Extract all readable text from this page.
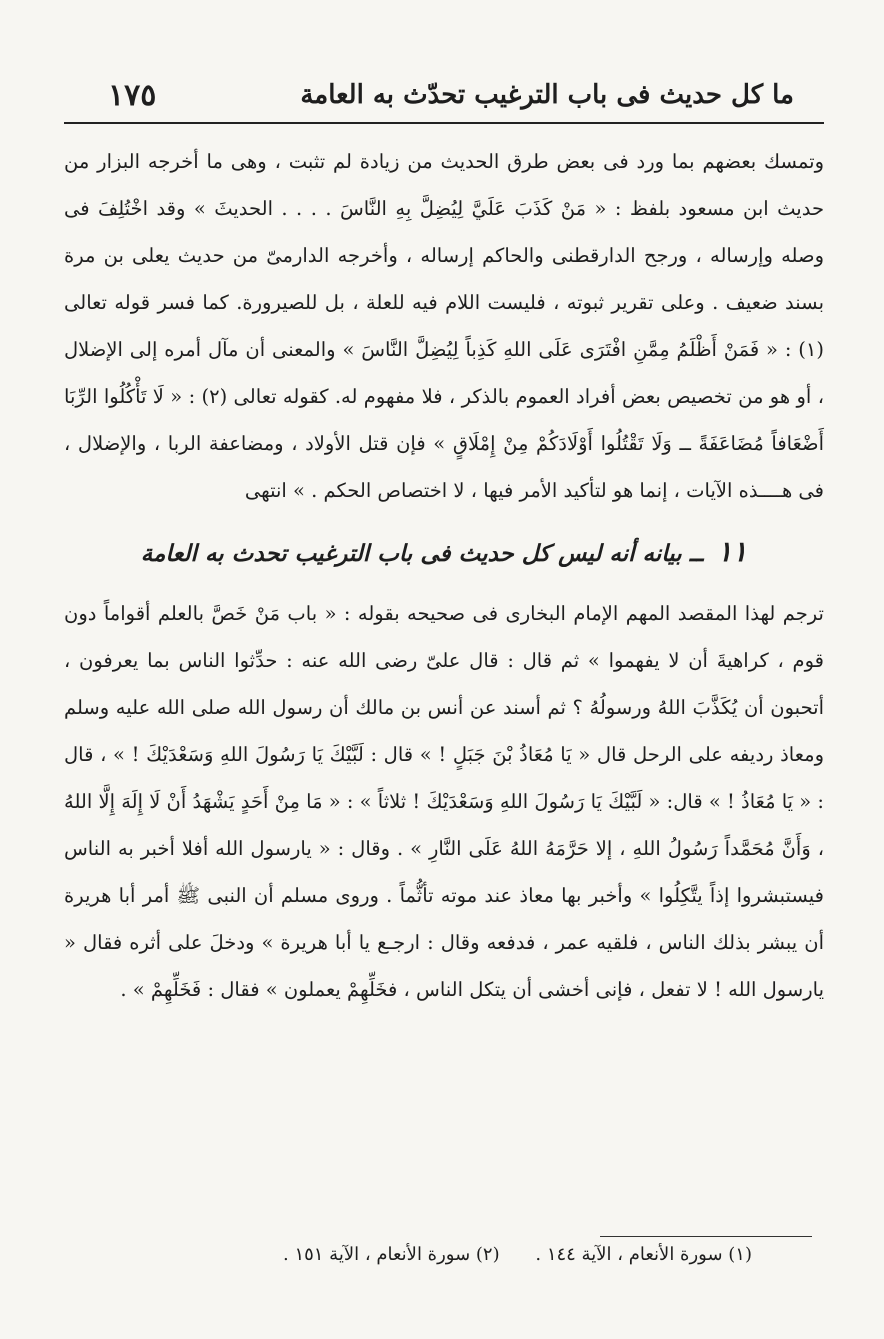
ما كل حديث فى باب الترغيب تحدّث به العامة
١٧٥

وتمسك بعضهم بما ورد فى بعض طرق الحديث من زيادة لم تثبت ، وهى ما أخرجه البزار من حديث ابن مسعود بلفظ : « مَنْ كَذَبَ عَلَيَّ لِيُضِلَّ بِهِ النَّاسَ . . . . الحديثَ » وقد اخْتُلِفَ فى وصله وإرساله ، ورجح الدارقطنى والحاكم إرساله ، وأخرجه الدارمىّ من حديث يعلى بن مرة بسند ضعيف . وعلى تقرير ثبوته ، فليست اللام فيه للعلة ، بل للصيرورة. كما فسر قوله تعالى (١) : « فَمَنْ أَظْلَمُ مِمَّنِ افْتَرَى عَلَى اللهِ كَذِباً لِيُضِلَّ النَّاسَ » والمعنى أن مآل أمره إلى الإضلال ، أو هو من تخصيص بعض أفراد العموم بالذكر ، فلا مفهوم له. كقوله تعالى (٢) : « لَا تَأْكُلُوا الرِّبَا أَضْعَافاً مُضَاعَفَةً ــ وَلَا تَقْتُلُوا أَوْلَادَكُمْ مِنْ إِمْلَاقٍ » فإن قتل الأولاد ، ومضاعفة الربا ، والإضلال ، فى هــــذه الآيات ، إنما هو لتأكيد الأمر فيها ، لا اختصاص الحكم . » انتهى

١١ ــ بيانه أنه ليس كل حديث فى باب الترغيب تحدث به العامة

ترجم لهذا المقصد المهم الإمام البخارى فى صحيحه بقوله : « باب مَنْ خَصَّ بالعلم أقواماً دون قوم ، كراهيةَ أن لا يفهموا » ثم قال : قال علىّ رضى الله عنه : حدِّثوا الناس بما يعرفون ، أتحبون أن يُكَذَّبَ اللهُ ورسولُهُ ؟ ثم أسند عن أنس بن مالك أن رسول الله صلى الله عليه وسلم ومعاذ رديفه على الرحل قال « يَا مُعَاذُ بْنَ جَبَلٍ ! » قال : لَبَّيْكَ يَا رَسُولَ اللهِ وَسَعْدَيْكَ ! » ، قال : « يَا مُعَاذُ ! » قال: « لَبَّيْكَ يَا رَسُولَ اللهِ وَسَعْدَيْكَ ! ثلاثاً » : « مَا مِنْ أَحَدٍ يَشْهَدُ أَنْ لَا إِلَهَ إِلَّا اللهُ ، وَأَنَّ مُحَمَّداً رَسُولُ اللهِ ، إلا حَرَّمَهُ اللهُ عَلَى النَّارِ » . وقال : « يارسول الله أفلا أخبر به الناس فيستبشروا إذاً يتَّكِلُوا » وأخبر بها معاذ عند موته تأثُّماً . وروى مسلم أن النبى ﷺ أمر أبا هريرة أن يبشر بذلك الناس ، فلقيه عمر ، فدفعه وقال : ارجـع يا أبا هريرة » ودخلَ على أثره فقال « يارسول الله ! لا تفعل ، فإنى أخشى أن يتكل الناس ، فخَلِّهِمْ يعملون » فقال : فَخَلِّهِمْ » .

(١) سورة الأنعام ، الآية ١٤٤ . (٢) سورة الأنعام ، الآية ١٥١ .
